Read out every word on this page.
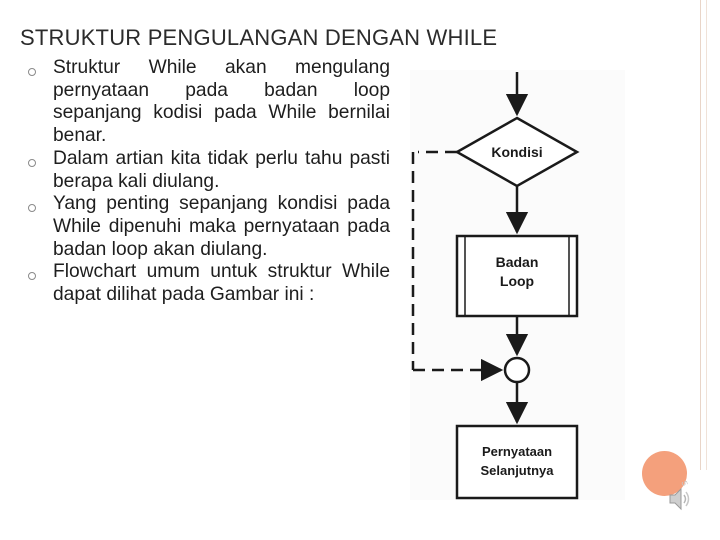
STRUKTUR PENGULANGAN DENGAN WHILE
Struktur While akan mengulang pernyataan pada badan loop sepanjang kodisi pada While bernilai benar.
Dalam artian kita tidak perlu tahu pasti berapa kali diulang.
Yang penting sepanjang kondisi pada While dipenuhi maka pernyataan pada badan loop akan diulang.
Flowchart umum untuk struktur While dapat dilihat pada Gambar ini :
Kondisi
Badan
Loop
Pernyataan
Selanjutnya
5
